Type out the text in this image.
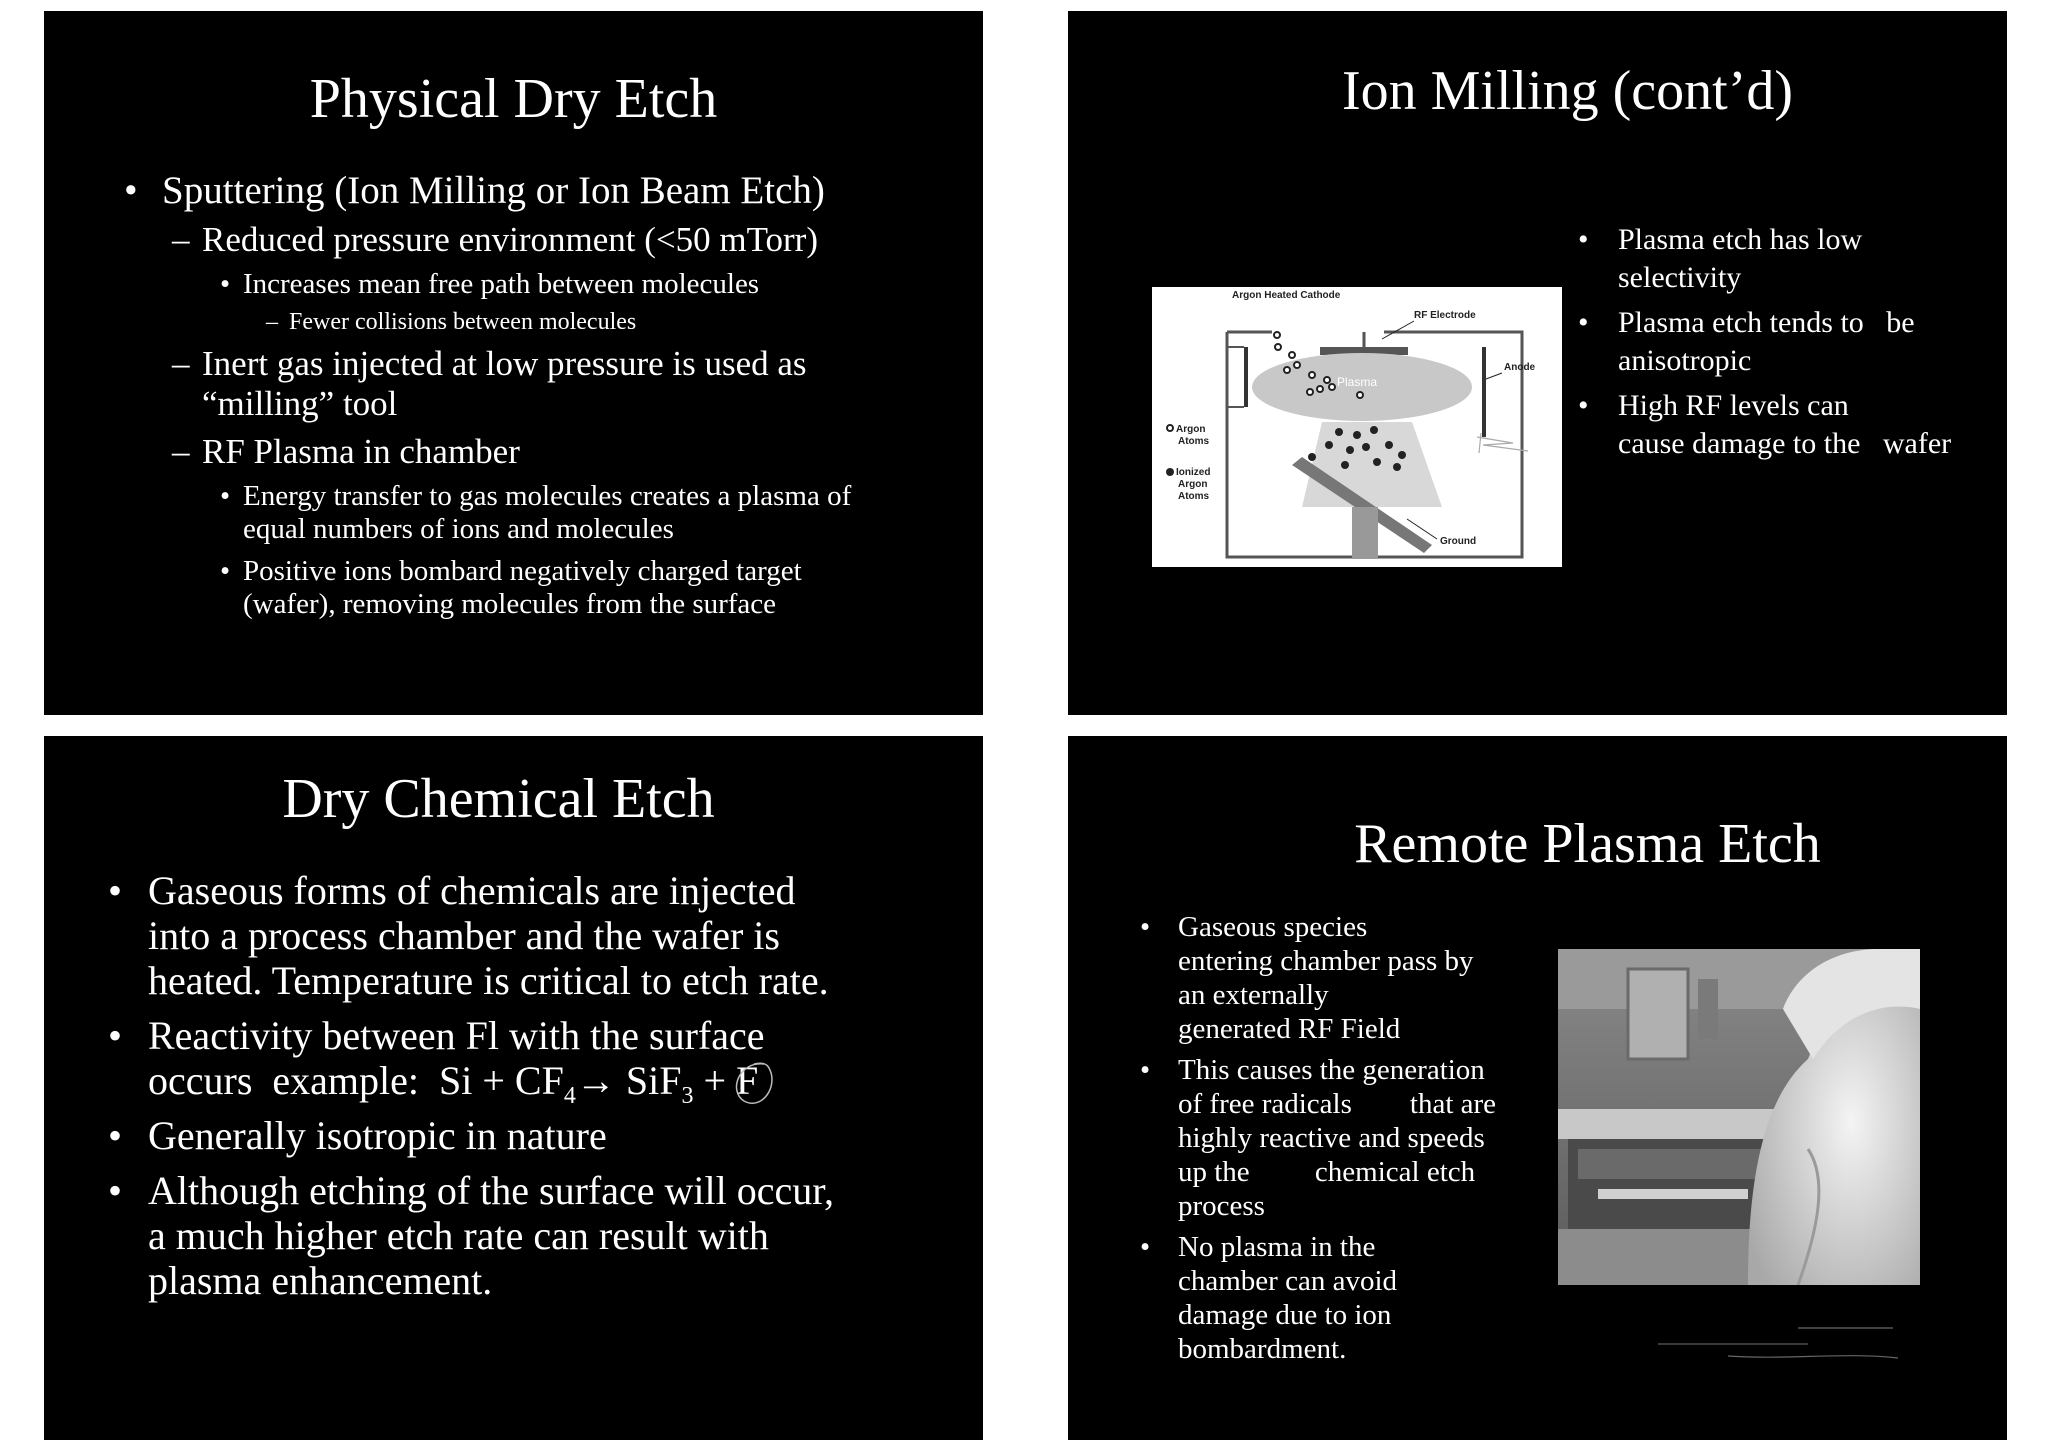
Physical Dry Etch
• Sputtering (Ion Milling or Ion Beam Etch)
– Reduced pressure environment (<50 mTorr)
• Increases mean free path between molecules
– Fewer collisions between molecules
– Inert gas injected at low pressure is used as
“milling” tool
– RF Plasma in chamber
• Energy transfer to gas molecules creates a plasma of
equal numbers of ions and molecules
• Positive ions bombard negatively charged target
(wafer), removing molecules from the surface
Ion Milling (cont’d)
Argon Heated Cathode
RF Electrode
Anode
Argon
Atoms
Ionized
Argon
Atoms
Ground
Plasma
• Plasma etch has low
selectivity
• Plasma etch tends to   be
anisotropic
• High RF levels can
cause damage to the   wafer
Dry Chemical Etch
• Gaseous forms of chemicals are injected
into a process chamber and the wafer is
heated. Temperature is critical to etch rate.
• Reactivity between Fl with the surface
occurs  example:  $Si + CF_4\to SiF_3 + F$
• Generally isotropic in nature
• Although etching of the surface will occur,
a much higher etch rate can result with
plasma enhancement.
Remote Plasma Etch
• Gaseous species
entering chamber pass by
an externally
generated RF Field
• This causes the generation
of free radicals        that are
highly reactive and speeds
up the         chemical etch
process
• No plasma in the
chamber can avoid
damage due to ion
bombardment.
